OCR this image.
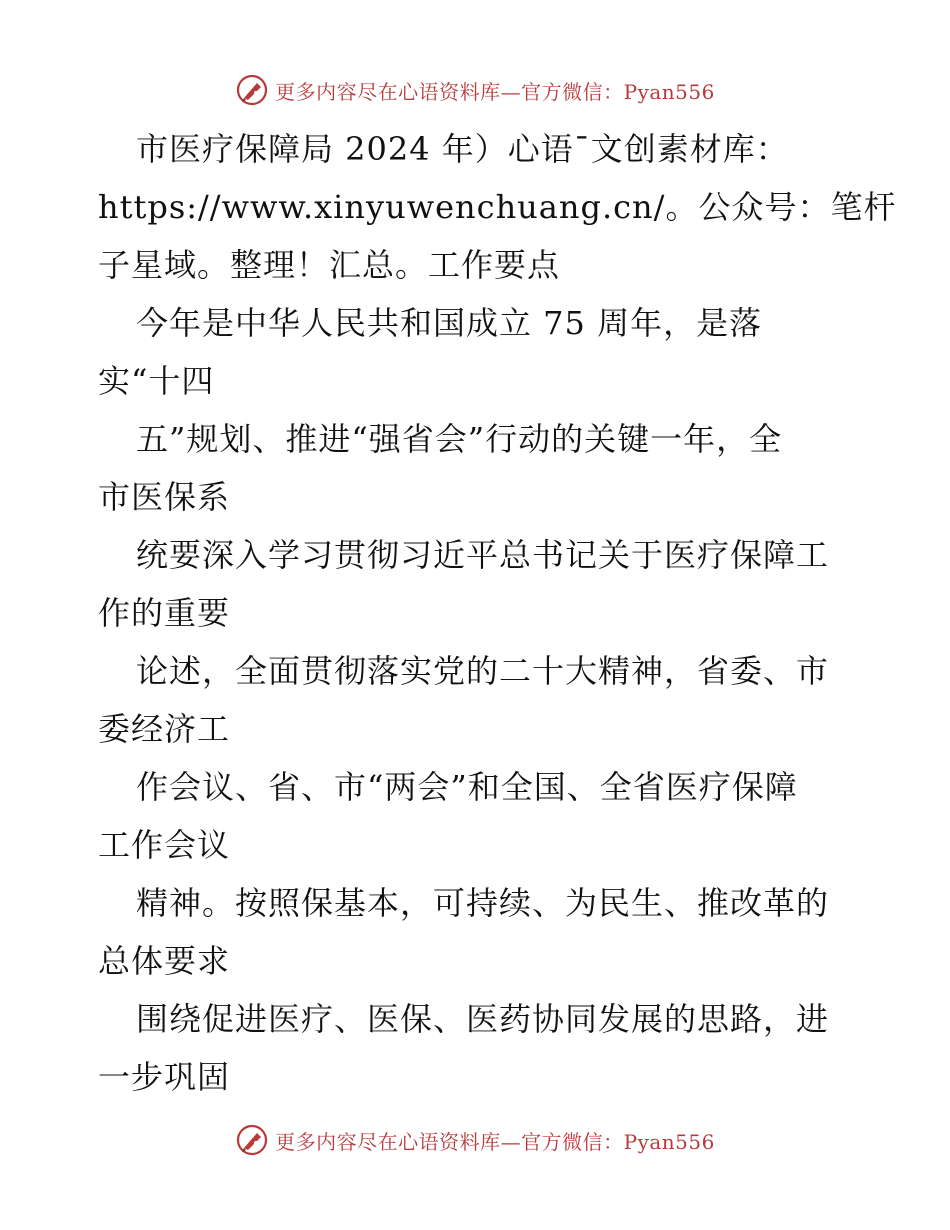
更多内容尽在心语资料库—官方微信：Pyan556
市医疗保障局 2024 年）心语¯文创素材库：
https://www.xinyuwenchuang.cn/。公众号：笔杆
子星域。整理！汇总。工作要点
今年是中华人民共和国成立 75 周年，是落
实“十四
五”规划、推进“强省会”行动的关键一年，全
市医保系
统要深入学习贯彻习近平总书记关于医疗保障工
作的重要
论述，全面贯彻落实党的二十大精神，省委、市
委经济工
作会议、省、市“两会”和全国、全省医疗保障
工作会议
精神。按照保基本，可持续、为民生、推改革的
总体要求
围绕促进医疗、医保、医药协同发展的思路，进
一步巩固
更多内容尽在心语资料库—官方微信：Pyan556
